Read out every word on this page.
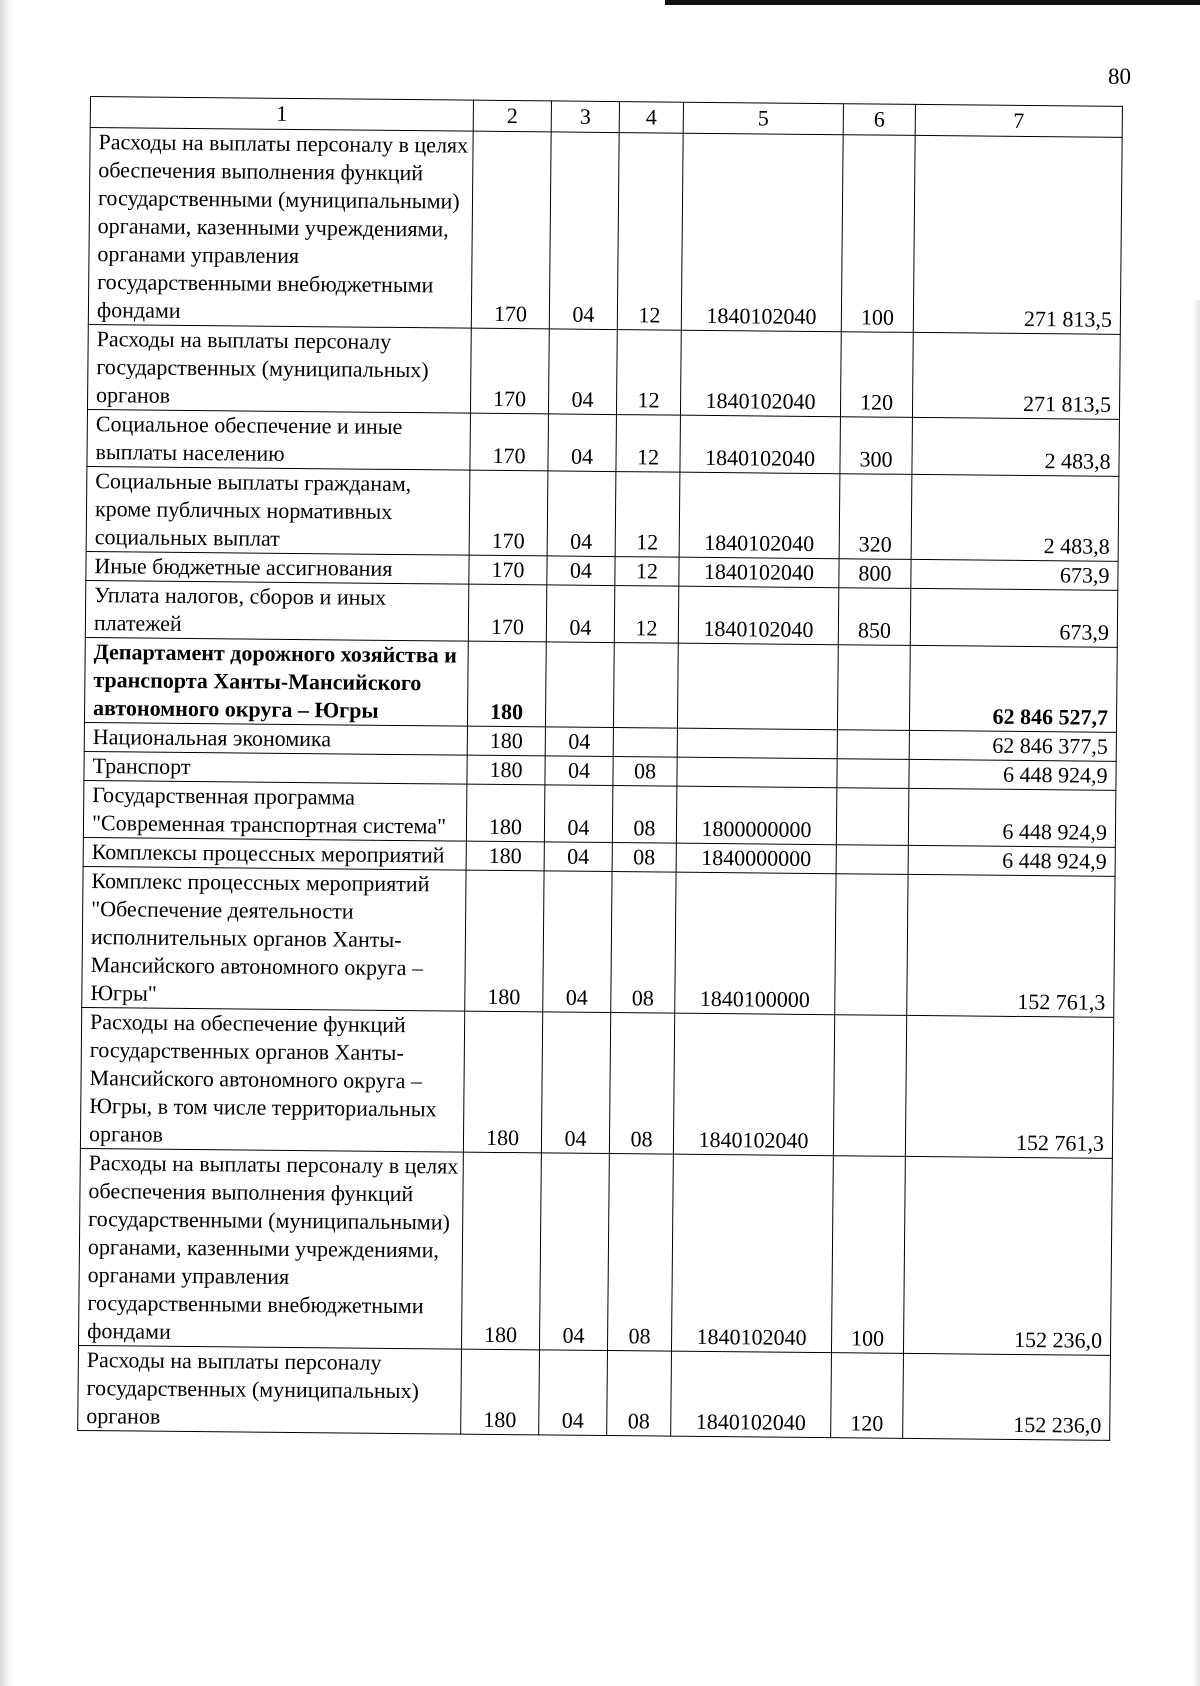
80
1	2	3	4	5	6	7
Расходы на выплаты персоналу в целях обеспечения выполнения функций государственными (муниципальными) органами, казенными учреждениями, органами управления государственными внебюджетными фондами	170	04	12	1840102040	100	271 813,5
Расходы на выплаты персоналу государственных (муниципальных) органов	170	04	12	1840102040	120	271 813,5
Социальное обеспечение и иные выплаты населению	170	04	12	1840102040	300	2 483,8
Социальные выплаты гражданам, кроме публичных нормативных социальных выплат	170	04	12	1840102040	320	2 483,8
Иные бюджетные ассигнования	170	04	12	1840102040	800	673,9
Уплата налогов, сборов и иных платежей	170	04	12	1840102040	850	673,9
Департамент дорожного хозяйства и транспорта Ханты-Мансийского автономного округа – Югры	180					62 846 527,7
Национальная экономика	180	04				62 846 377,5
Транспорт	180	04	08			6 448 924,9
Государственная программа "Современная транспортная система"	180	04	08	1800000000		6 448 924,9
Комплексы процессных мероприятий	180	04	08	1840000000		6 448 924,9
Комплекс процессных мероприятий "Обеспечение деятельности исполнительных органов Ханты-Мансийского автономного округа – Югры"	180	04	08	1840100000		152 761,3
Расходы на обеспечение функций государственных органов Ханты-Мансийского автономного округа – Югры, в том числе территориальных органов	180	04	08	1840102040		152 761,3
Расходы на выплаты персоналу в целях обеспечения выполнения функций государственными (муниципальными) органами, казенными учреждениями, органами управления государственными внебюджетными фондами	180	04	08	1840102040	100	152 236,0
Расходы на выплаты персоналу государственных (муниципальных) органов	180	04	08	1840102040	120	152 236,0
